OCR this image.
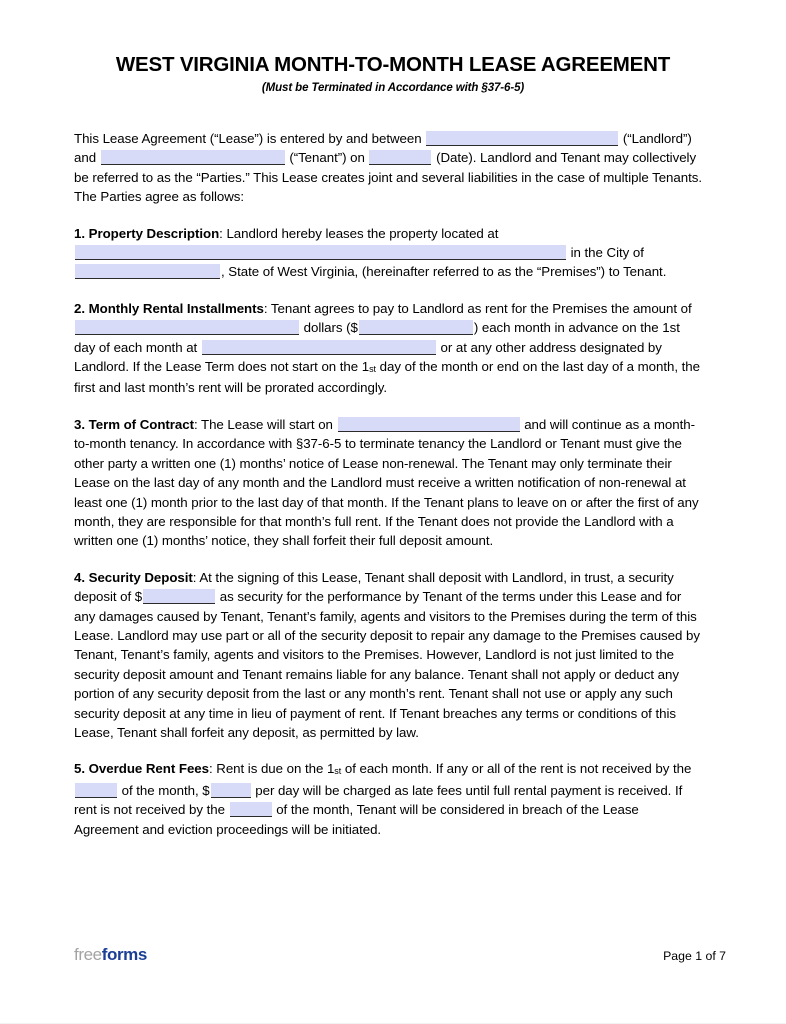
WEST VIRGINIA MONTH-TO-MONTH LEASE AGREEMENT
(Must be Terminated in Accordance with §37-6-5)

This Lease Agreement (“Lease”) is entered by and between	(“Landlord”) and	(“Tenant”) on	(Date). Landlord and Tenant may collectively be referred to as the “Parties.” This Lease creates joint and several liabilities in the case of multiple Tenants. The Parties agree as follows:

1. Property Description: Landlord hereby leases the property located at  in the City of , State of West Virginia, (hereinafter referred to as the “Premises”) to Tenant.

2. Monthly Rental Installments: Tenant agrees to pay to Landlord as rent for the Premises the amount of  dollars ($	) each month in advance on the 1st day of each month at	or at any other address designated by Landlord. If the Lease Term does not start on the $1_{st}$ day of the month or end on the last day of a month, the first and last month’s rent will be prorated accordingly.

3. Term of Contract: The Lease will start on	and will continue as a month-to-month tenancy. In accordance with §37-6-5 to terminate tenancy the Landlord or Tenant must give the other party a written one (1) months’ notice of Lease non-renewal. The Tenant may only terminate their Lease on the last day of any month and the Landlord must receive a written notification of non-renewal at least one (1) month prior to the last day of that month. If the Tenant plans to leave on or after the first of any month, they are responsible for that month’s full rent. If the Tenant does not provide the Landlord with a written one (1) months’ notice, they shall forfeit their full deposit amount.

4. Security Deposit: At the signing of this Lease, Tenant shall deposit with Landlord, in trust, a security deposit of $	as security for the performance by Tenant of the terms under this Lease and for any damages caused by Tenant, Tenant’s family, agents and visitors to the Premises during the term of this Lease. Landlord may use part or all of the security deposit to repair any damage to the Premises caused by Tenant, Tenant’s family, agents and visitors to the Premises. However, Landlord is not just limited to the security deposit amount and Tenant remains liable for any balance. Tenant shall not apply or deduct any portion of any security deposit from the last or any month’s rent. Tenant shall not use or apply any such security deposit at any time in lieu of payment of rent. If Tenant breaches any terms or conditions of this Lease, Tenant shall forfeit any deposit, as permitted by law.

5. Overdue Rent Fees: Rent is due on the $1_{st}$ of each month. If any or all of the rent is not received by the  of the month, $	per day will be charged as late fees until full rental payment is received. If rent is not received by the	of the month, Tenant will be considered in breach of the Lease Agreement and eviction proceedings will be initiated.

freeforms	Page 1 of 7
